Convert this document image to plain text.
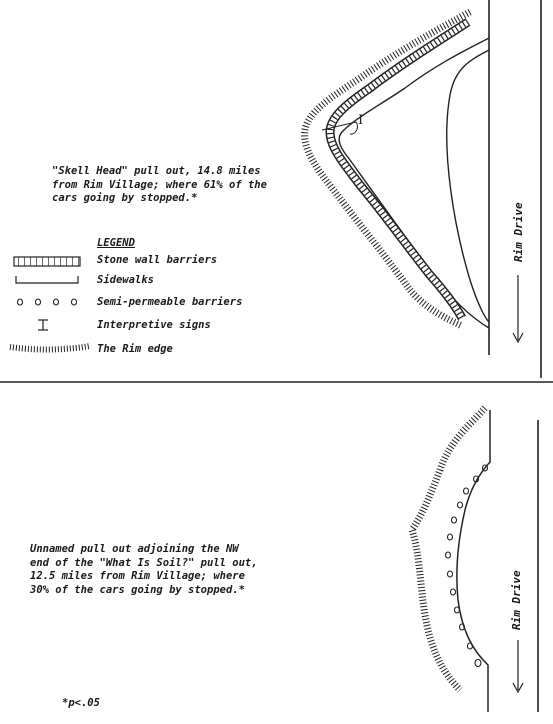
I
"Skell Head" pull out, 14.8 miles
from Rim Village; where 61% of the
cars going by stopped.*
LEGEND
Stone wall barriers
Sidewalks
Semi-permeable barriers
Interpretive signs
The Rim edge
Rim Drive
Unnamed pull out adjoining the NW
end of the "What Is Soil?" pull out,
12.5 miles from Rim Village; where
30% of the cars going by stopped.*	Rim Drive
*p<.05
